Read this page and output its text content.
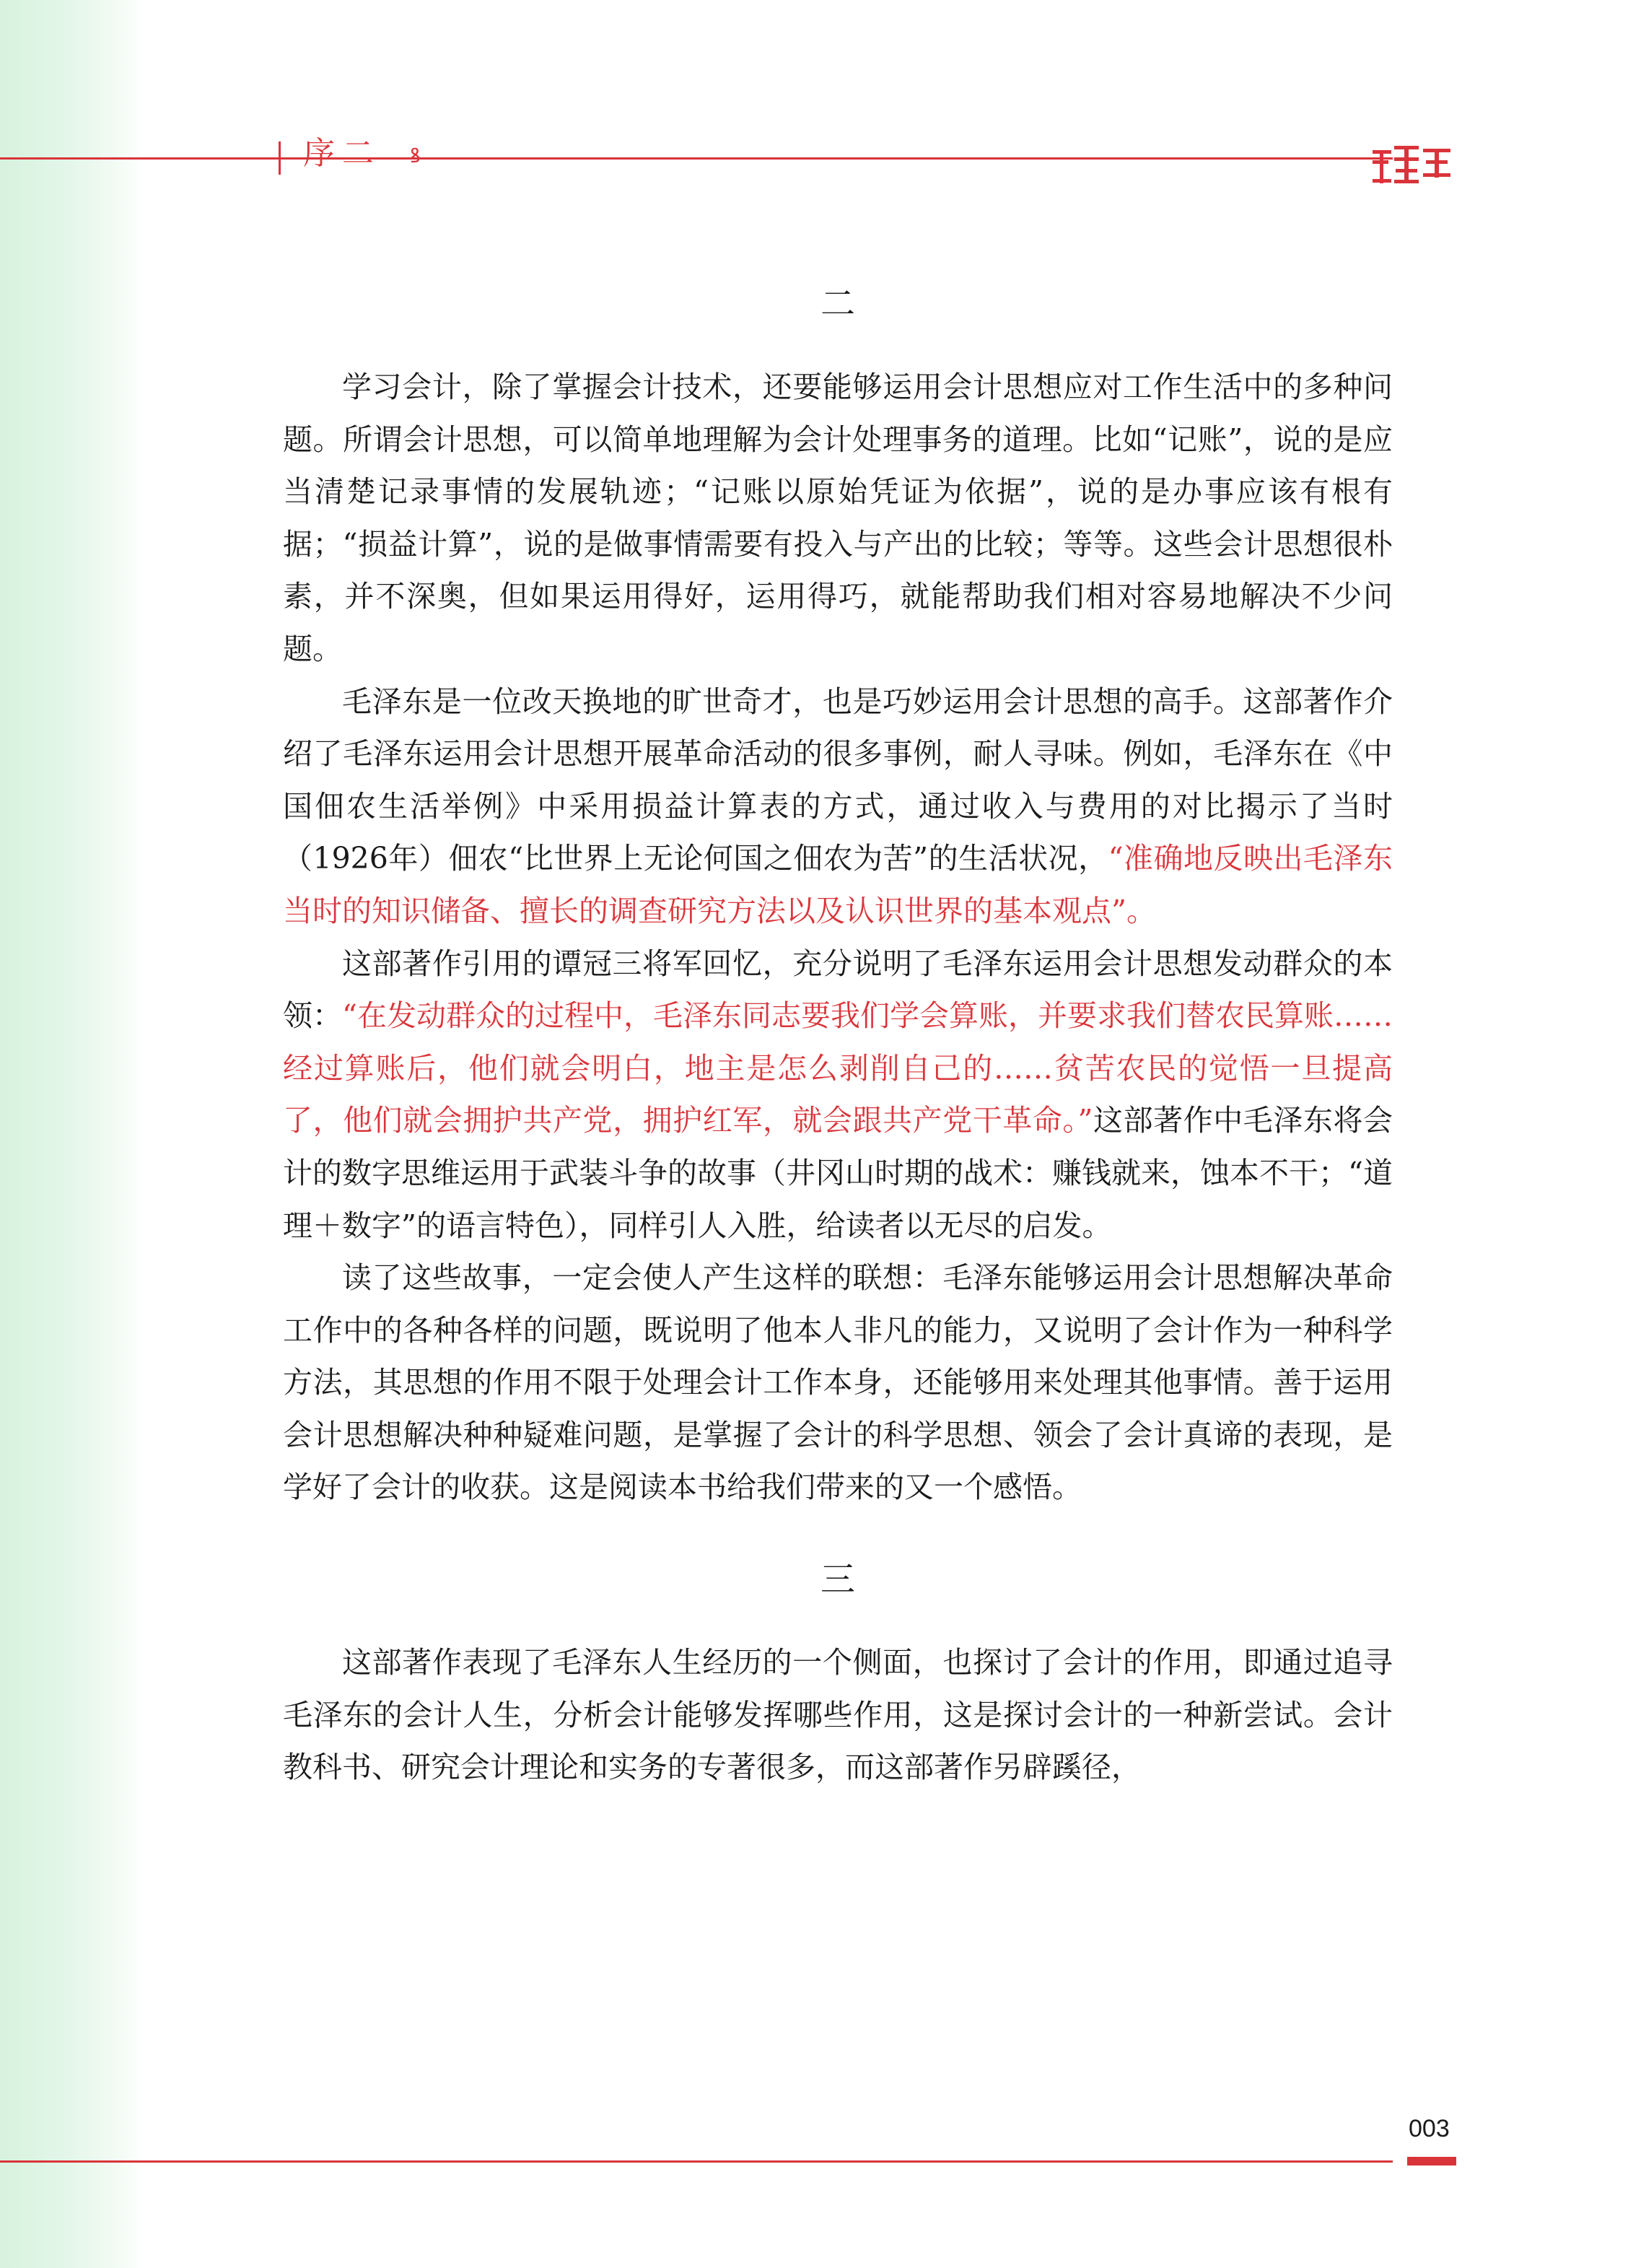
序二 ꝸ
二

学习会计，除了掌握会计技术，还要能够运用会计思想应对工作生活中的多种问题。所谓会计思想，可以简单地理解为会计处理事务的道理。比如“记账”，说的是应当清楚记录事情的发展轨迹；“记账以原始凭证为依据”，说的是办事应该有根有据；“损益计算”，说的是做事情需要有投入与产出的比较；等等。这些会计思想很朴素，并不深奥，但如果运用得好，运用得巧，就能帮助我们相对容易地解决不少问题。

毛泽东是一位改天换地的旷世奇才，也是巧妙运用会计思想的高手。这部著作介绍了毛泽东运用会计思想开展革命活动的很多事例，耐人寻味。例如，毛泽东在《中国佃农生活举例》中采用损益计算表的方式，通过收入与费用的对比揭示了当时（1926年）佃农“比世界上无论何国之佃农为苦”的生活状况，“准确地反映出毛泽东当时的知识储备、擅长的调查研究方法以及认识世界的基本观点”。

这部著作引用的谭冠三将军回忆，充分说明了毛泽东运用会计思想发动群众的本领：“在发动群众的过程中，毛泽东同志要我们学会算账，并要求我们替农民算账……经过算账后，他们就会明白，地主是怎么剥削自己的……贫苦农民的觉悟一旦提高了，他们就会拥护共产党，拥护红军，就会跟共产党干革命。”这部著作中毛泽东将会计的数字思维运用于武装斗争的故事（井冈山时期的战术：赚钱就来，蚀本不干；“道理＋数字”的语言特色），同样引人入胜，给读者以无尽的启发。

读了这些故事，一定会使人产生这样的联想：毛泽东能够运用会计思想解决革命工作中的各种各样的问题，既说明了他本人非凡的能力，又说明了会计作为一种科学方法，其思想的作用不限于处理会计工作本身，还能够用来处理其他事情。善于运用会计思想解决种种疑难问题，是掌握了会计的科学思想、领会了会计真谛的表现，是学好了会计的收获。这是阅读本书给我们带来的又一个感悟。

三

这部著作表现了毛泽东人生经历的一个侧面，也探讨了会计的作用，即通过追寻毛泽东的会计人生，分析会计能够发挥哪些作用，这是探讨会计的一种新尝试。会计教科书、研究会计理论和实务的专著很多，而这部著作另辟蹊径，

003
